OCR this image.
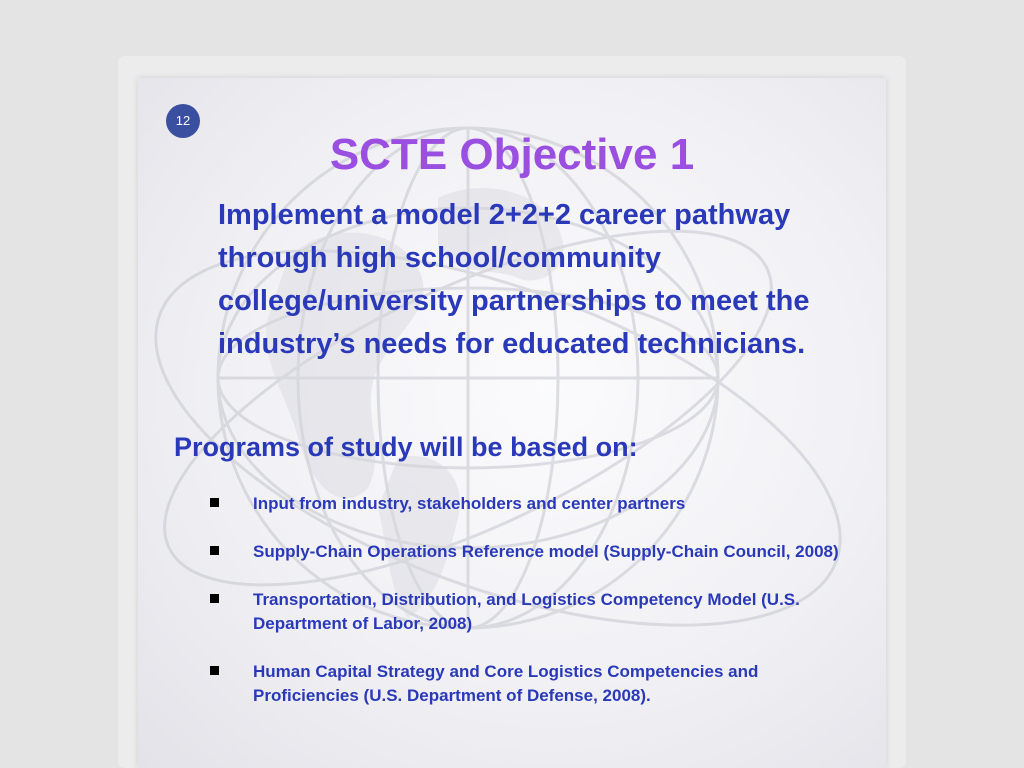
12
SCTE Objective 1

Implement a model 2+2+2 career pathway through high school/community college/university partnerships to meet the industry’s needs for educated technicians.

Programs of study will be based on:

Input from industry, stakeholders and center partners
Supply-Chain Operations Reference model (Supply-Chain Council, 2008)
Transportation, Distribution, and Logistics Competency Model (U.S. Department of Labor, 2008)
Human Capital Strategy and Core Logistics Competencies and Proficiencies (U.S. Department of Defense, 2008).
